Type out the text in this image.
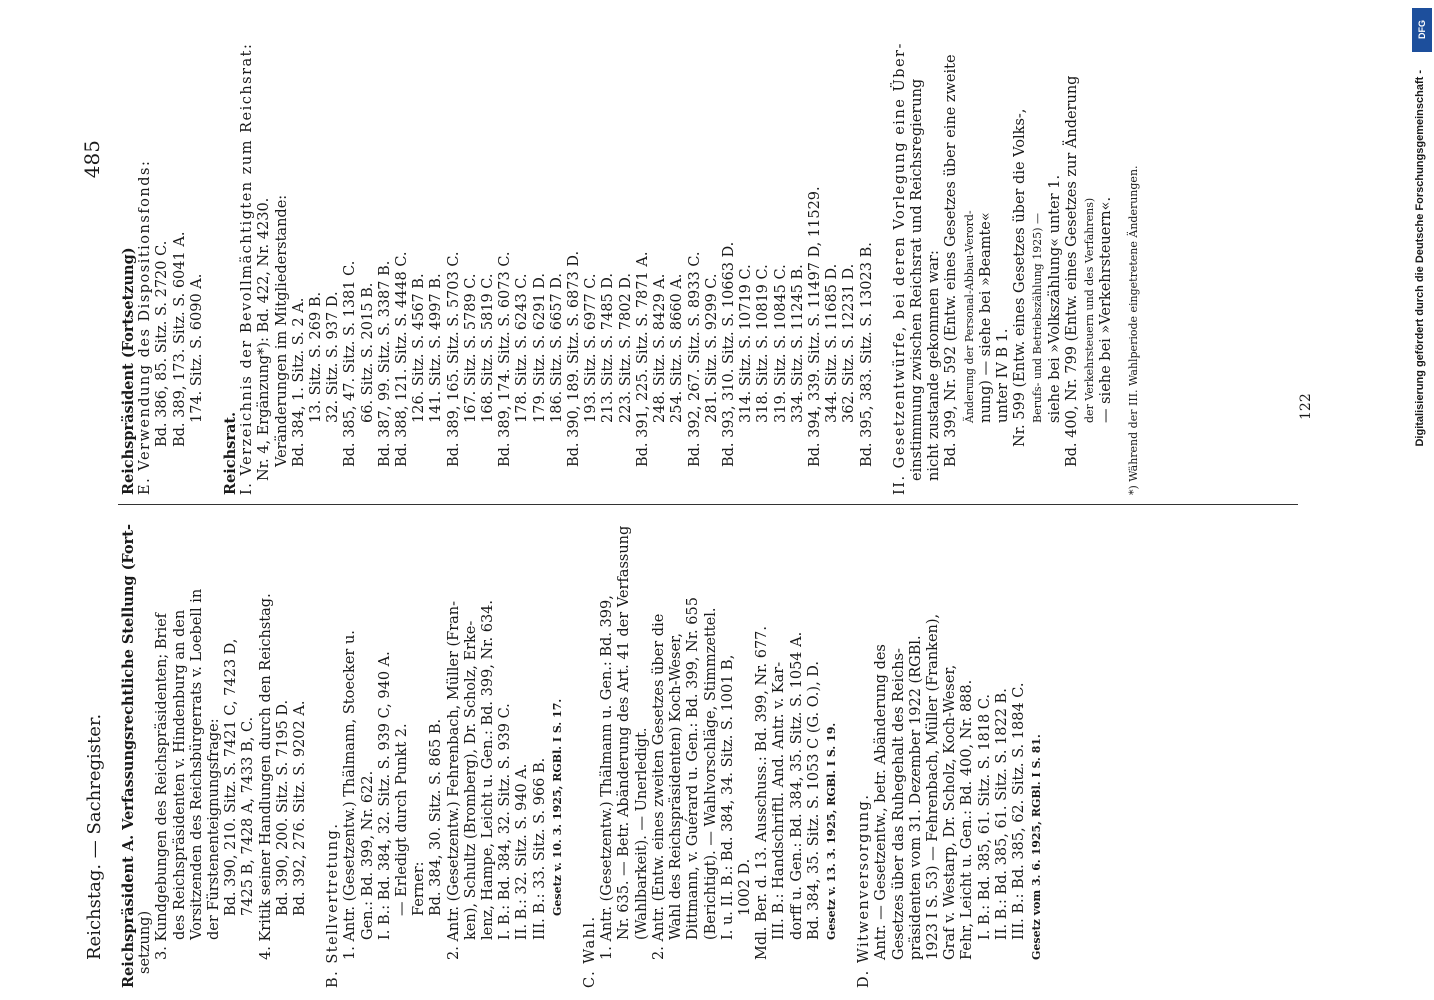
Reichstag. — Sachregister.
485
Reichspräsident A. Verfassungsrechtliche Stellung (Fort- setzung) 3. Kundgebungen des Reichspräsidenten; Brief des Reichspräsidenten v. Hindenburg an den Vorsitzenden des Reichsbürgerrats v. Loebell in der Fürstenenteignungsfrage: Bd. 390, 210. Sitz. S. 7421 C, 7423 D, 7425 B, 7428 A, 7433 B, C. 4. Kritik seiner Handlungen durch den Reichstag. Bd. 390, 200. Sitz. S. 7195 D. Bd. 392, 276. Sitz. S. 9202 A. B. Stellvertretung. 1. Antr. (Gesetzentw.) Thälmann, Stoecker u. Gen.: Bd. 399, Nr. 622. I. B.: Bd. 384, 32. Sitz. S. 939 C, 940 A. — Erledigt durch Punkt 2. Ferner: Bd. 384, 30. Sitz. S. 865 B. 2. Antr. (Gesetzentw.) Fehrenbach, Müller (Fran- ken), Schultz (Bromberg), Dr. Scholz, Erke- lenz, Hampe, Leicht u. Gen.: Bd. 399, Nr. 634. I. B.: Bd. 384, 32. Sitz. S. 939 C. II. B.: 32. Sitz. S. 940 A. III. B.: 33. Sitz. S. 966 B. Gesetz v. 10. 3. 1925, RGBl. I S. 17.
C. Wahl. 1. Antr. (Gesetzentw.) Thälmann u. Gen.: Bd. 399, Nr. 635. — Betr. Abänderung des Art. 41 der Verfassung (Wahlbarkeit). — Unerledigt. 2. Antr. (Entw. eines zweiten Gesetzes über die Wahl des Reichspräsidenten) Koch-Weser, Dittmann, v. Guérard u. Gen.: Bd. 399, Nr. 655 (Berichtigt). — Wahlvorschläge, Stimmzettel. I. u. II. B.: Bd. 384, 34. Sitz. S. 1001 B, 1002 D. Mdl. Ber. d. 13. Ausschuss.: Bd. 399, Nr. 677. III. B.: Handschriftl. And. Antr. v. Kar- dorff u. Gen.: Bd. 384, 35. Sitz. S. 1054 A. Bd. 384, 35. Sitz. S. 1053 C (G. O.), D. Gesetz v. 13. 3. 1925, RGBl. I S. 19. D. Witwenversorgung. Antr. — Gesetzentw., betr. Abänderung des Gesetzes über das Ruhegehalt des Reichs- präsidenten vom 31. Dezember 1922 (RGBl. 1923 I S. 53) — Fehrenbach, Müller (Franken), Graf v. Westarp, Dr. Scholz, Koch-Weser, Fehr, Leicht u. Gen.: Bd. 400, Nr. 888. I. B.: Bd. 385, 61. Sitz. S. 1818 C. II. B.: Bd. 385, 61. Sitz. S. 1822 B. III. B.: Bd. 385, 62. Sitz. S. 1884 C. Gesetz vom 3. 6. 1925, RGBl. I S. 81.
Reichspräsident (Fortsetzung) E. Verwendung des Dispositionsfonds: Bd. 386, 85. Sitz. S. 2720 C. Bd. 389, 173. Sitz. S. 6041 A. 174. Sitz. S. 6090 A.
Reichsrat. I. Verzeichnis der Bevollmächtigten zum Reichsrat: Nr. 4, Ergänzung*): Bd. 422, Nr. 4230. Veränderungen im Mitgliederstande: Bd. 384, 1. Sitz. S. 2 A. 13. Sitz. S. 269 B. 32. Sitz. S. 937 D. Bd. 385, 47. Sitz. S. 1381 C. 66. Sitz. S. 2015 B. Bd. 387, 99. Sitz. S. 3387 B. Bd. 388, 121. Sitz. S. 4448 C. 126. Sitz. S. 4567 B. 141. Sitz. S. 4997 B. Bd. 389, 165. Sitz. S. 5703 C. 167. Sitz. S. 5789 C. 168. Sitz. S. 5819 C. Bd. 389, 174. Sitz. S. 6073 C. 178. Sitz. S. 6243 C. 179. Sitz. S. 6291 D. 186. Sitz. S. 6657 D. Bd. 390, 189. Sitz. S. 6873 D. 193. Sitz. S. 6977 C. 213. Sitz. S. 7485 D. 223. Sitz. S. 7802 D. Bd. 391, 225. Sitz. S. 7871 A. 248. Sitz. S. 8429 A. 254. Sitz. S. 8660 A. Bd. 392, 267. Sitz. S. 8933 C. 281. Sitz. S. 9299 C. Bd. 393, 310. Sitz. S. 10663 D. 314. Sitz. S. 10719 C. 318. Sitz. S. 10819 C. 319. Sitz. S. 10845 C. 334. Sitz. S. 11245 B. Bd. 394, 339. Sitz. S. 11497 D, 11529. 344. Sitz. S. 11685 D. 362. Sitz. S. 12231 D. Bd. 395, 383. Sitz. S. 13023 B. II. Gesetzentwürfe, bei deren Vorlegung eine Über- einstimmung zwischen Reichsrat und Reichsregierung nicht zustande gekommen war: Bd. 399, Nr. 592 (Entw. eines Gesetzes über eine zweite Änderung der Personal-Abbau-Verord- nung) — siehe bei »Beamte« unter IV B 1. Nr. 599 (Entw. eines Gesetzes über die Volks-, Berufs- und Betriebszählung 1925) — siehe bei »Volkszählung« unter 1. Bd. 400, Nr. 799 (Entw. eines Gesetzes zur Änderung der Verkehrsteuern und des Verfahrens) — siehe bei »Verkehrsteuern«. *) Während der III. Wahlperiode eingetretene Änderungen.	122	Digitalisierung gefördert durch die Deutsche Forschungsgemeinschaft -
DFG
